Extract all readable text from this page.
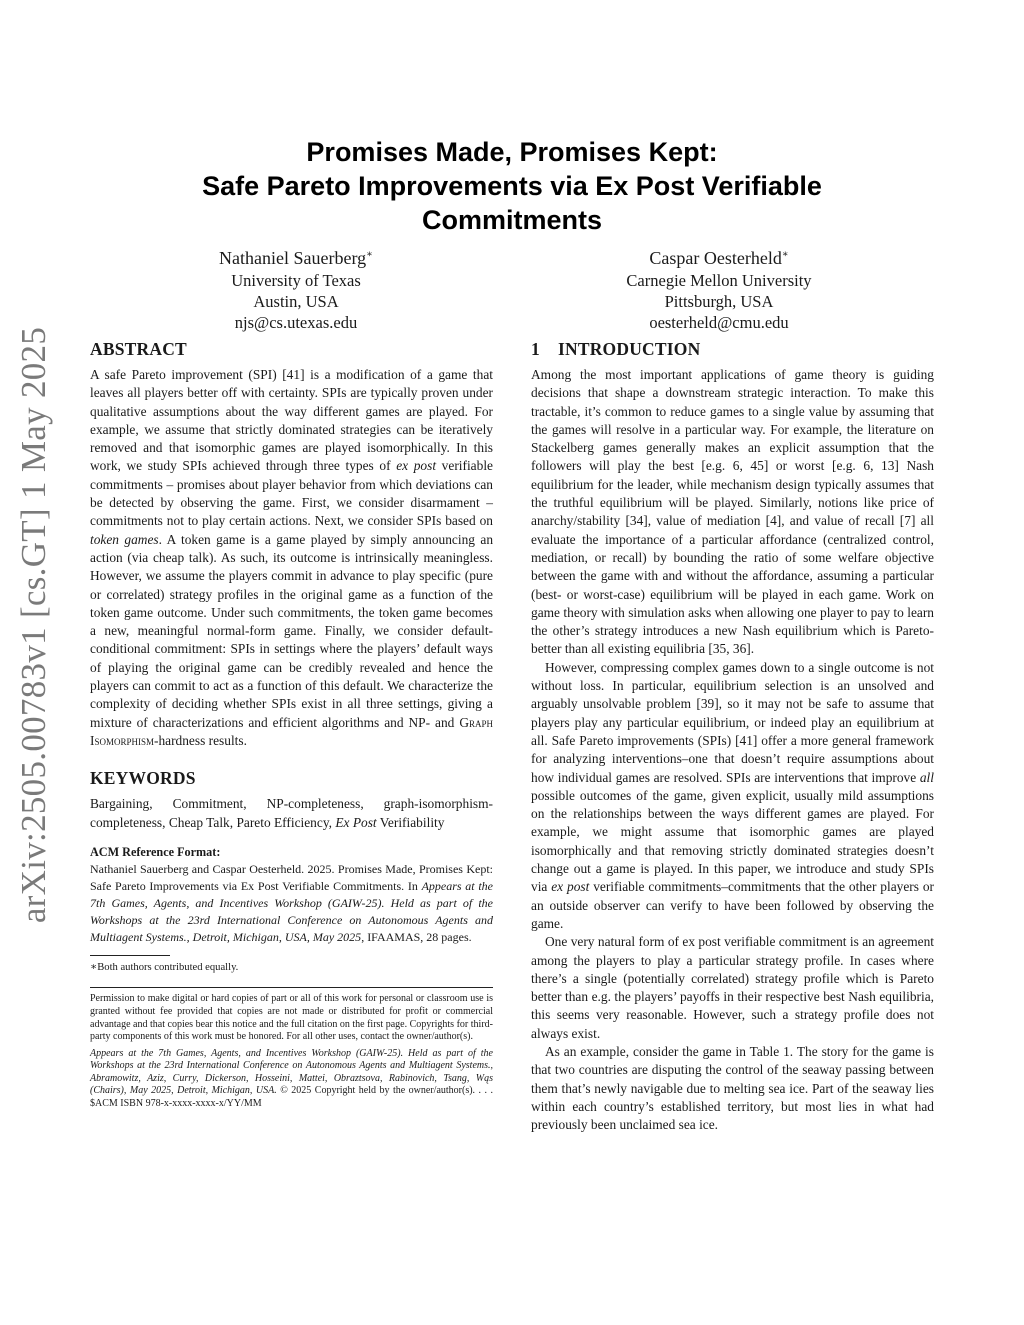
arXiv:2505.00783v1 [cs.GT] 1 May 2025
Promises Made, Promises Kept:
Safe Pareto Improvements via Ex Post Verifiable
Commitments
Nathaniel Sauerberg∗
University of Texas
Austin, USA
njs@cs.utexas.edu
Caspar Oesterheld∗
Carnegie Mellon University
Pittsburgh, USA
oesterheld@cmu.edu
ABSTRACT

A safe Pareto improvement (SPI) [41] is a modification of a game that leaves all players better off with certainty. SPIs are typically proven under qualitative assumptions about the way different games are played. For example, we assume that strictly dominated strategies can be iteratively removed and that isomorphic games are played isomorphically. In this work, we study SPIs achieved through three types of ex post verifiable commitments – promises about player behavior from which deviations can be detected by observing the game. First, we consider disarmament – commitments not to play certain actions. Next, we consider SPIs based on token games. A token game is a game played by simply announcing an action (via cheap talk). As such, its outcome is intrinsically meaningless. However, we assume the players commit in advance to play specific (pure or correlated) strategy profiles in the original game as a function of the token game outcome. Under such commitments, the token game becomes a new, meaningful normal-form game. Finally, we consider default-conditional commitment: SPIs in settings where the players’ default ways of playing the original game can be credibly revealed and hence the players can commit to act as a function of this default. We characterize the complexity of deciding whether SPIs exist in all three settings, giving a mixture of characterizations and efficient algorithms and NP- and Graph Isomorphism-hardness results.

KEYWORDS

Bargaining, Commitment, NP-completeness, graph-isomorphism-completeness, Cheap Talk, Pareto Efficiency, Ex Post Verifiability

ACM Reference Format:

Nathaniel Sauerberg and Caspar Oesterheld. 2025. Promises Made, Promises Kept: Safe Pareto Improvements via Ex Post Verifiable Commitments. In Appears at the 7th Games, Agents, and Incentives Workshop (GAIW-25). Held as part of the Workshops at the 23rd International Conference on Autonomous Agents and Multiagent Systems., Detroit, Michigan, USA, May 2025, IFAAMAS, 28 pages.

∗Both authors contributed equally.

Permission to make digital or hard copies of part or all of this work for personal or classroom use is granted without fee provided that copies are not made or distributed for profit or commercial advantage and that copies bear this notice and the full citation on the first page. Copyrights for third-party components of this work must be honored. For all other uses, contact the owner/author(s).

Appears at the 7th Games, Agents, and Incentives Workshop (GAIW-25). Held as part of the Workshops at the 23rd International Conference on Autonomous Agents and Multiagent Systems., Abramowitz, Aziz, Curry, Dickerson, Hosseini, Mattei, Obraztsova, Rabinovich, Tsang, Wąs (Chairs), May 2025, Detroit, Michigan, USA. © 2025 Copyright held by the owner/author(s). . . . $ACM ISBN 978-x-xxxx-xxxx-x/YY/MM

1 INTRODUCTION

Among the most important applications of game theory is guiding decisions that shape a downstream strategic interaction. To make this tractable, it’s common to reduce games to a single value by assuming that the games will resolve in a particular way. For example, the literature on Stackelberg games generally makes an explicit assumption that the followers will play the best [e.g. 6, 45] or worst [e.g. 6, 13] Nash equilibrium for the leader, while mechanism design typically assumes that the truthful equilibrium will be played. Similarly, notions like price of anarchy/stability [34], value of mediation [4], and value of recall [7] all evaluate the importance of a particular affordance (centralized control, mediation, or recall) by bounding the ratio of some welfare objective between the game with and without the affordance, assuming a particular (best- or worst-case) equilibrium will be played in each game. Work on game theory with simulation asks when allowing one player to pay to learn the other’s strategy introduces a new Nash equilibrium which is Pareto-better than all existing equilibria [35, 36].

However, compressing complex games down to a single outcome is not without loss. In particular, equilibrium selection is an unsolved and arguably unsolvable problem [39], so it may not be safe to assume that players play any particular equilibrium, or indeed play an equilibrium at all. Safe Pareto improvements (SPIs) [41] offer a more general framework for analyzing interventions–one that doesn’t require assumptions about how individual games are resolved. SPIs are interventions that improve all possible outcomes of the game, given explicit, usually mild assumptions on the relationships between the ways different games are played. For example, we might assume that isomorphic games are played isomorphically and that removing strictly dominated strategies doesn’t change out a game is played. In this paper, we introduce and study SPIs via ex post verifiable commitments–commitments that the other players or an outside observer can verify to have been followed by observing the game.

One very natural form of ex post verifiable commitment is an agreement among the players to play a particular strategy profile. In cases where there’s a single (potentially correlated) strategy profile which is Pareto better than e.g. the players’ payoffs in their respective best Nash equilibria, this seems very reasonable. However, such a strategy profile does not always exist.

As an example, consider the game in Table 1. The story for the game is that two countries are disputing the control of the seaway passing between them that’s newly navigable due to melting sea ice. Part of the seaway lies within each country’s established territory, but most lies in what had previously been unclaimed sea ice.
